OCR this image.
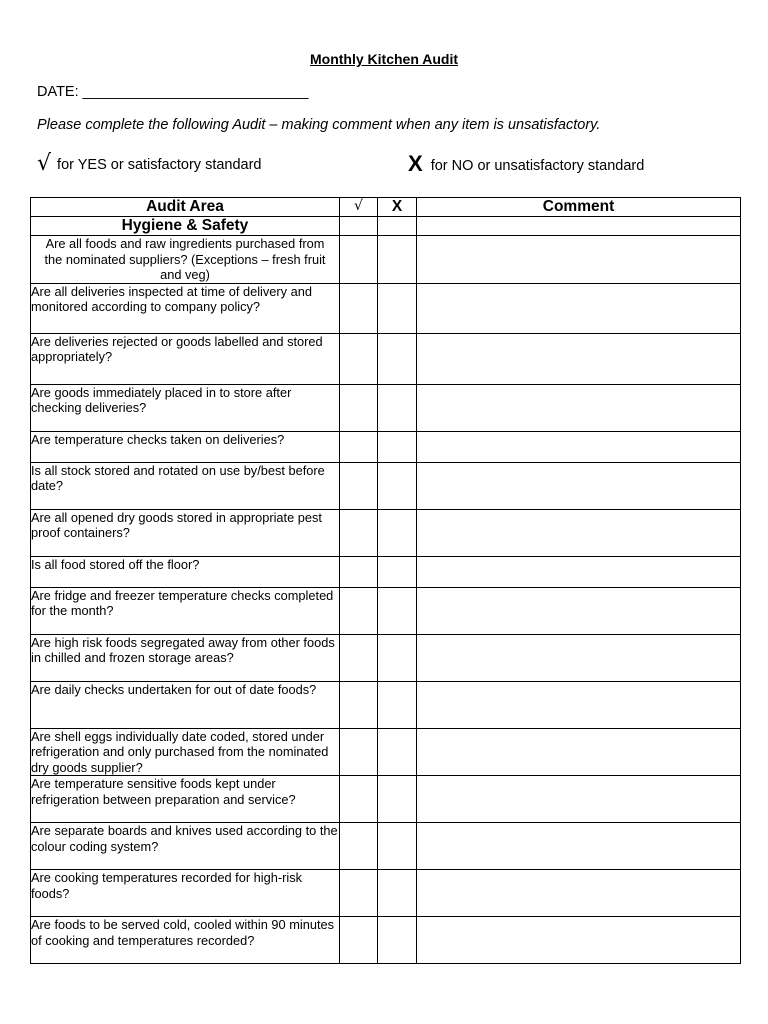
Monthly Kitchen Audit
DATE: ____________________________
Please complete the following Audit – making comment when any item is unsatisfactory.
√ for YES or satisfactory standard	X for NO or unsatisfactory standard
Audit Area	√	X	Comment
Hygiene & Safety			
Are all foods and raw ingredients purchased from the nominated suppliers? (Exceptions – fresh fruit and veg)			
Are all deliveries inspected at time of delivery and monitored according to company policy?			
Are deliveries rejected or goods labelled and stored appropriately?			
Are goods immediately placed in to store after checking deliveries?			
Are temperature checks taken on deliveries?			
Is all stock stored and rotated on use by/best before date?			
Are all opened dry goods stored in appropriate pest proof containers?			
Is all food stored off the floor?			
Are fridge and freezer temperature checks completed for the month?			
Are high risk foods segregated away from other foods in chilled and frozen storage areas?			
Are daily checks undertaken for out of date foods?			
Are shell eggs individually date coded, stored under refrigeration and only purchased from the nominated dry goods supplier?			
Are temperature sensitive foods kept under refrigeration between preparation and service?			
Are separate boards and knives used according to the colour coding system?			
Are cooking temperatures recorded for high-risk foods?			
Are foods to be served cold, cooled within 90 minutes of cooking and temperatures recorded?			
